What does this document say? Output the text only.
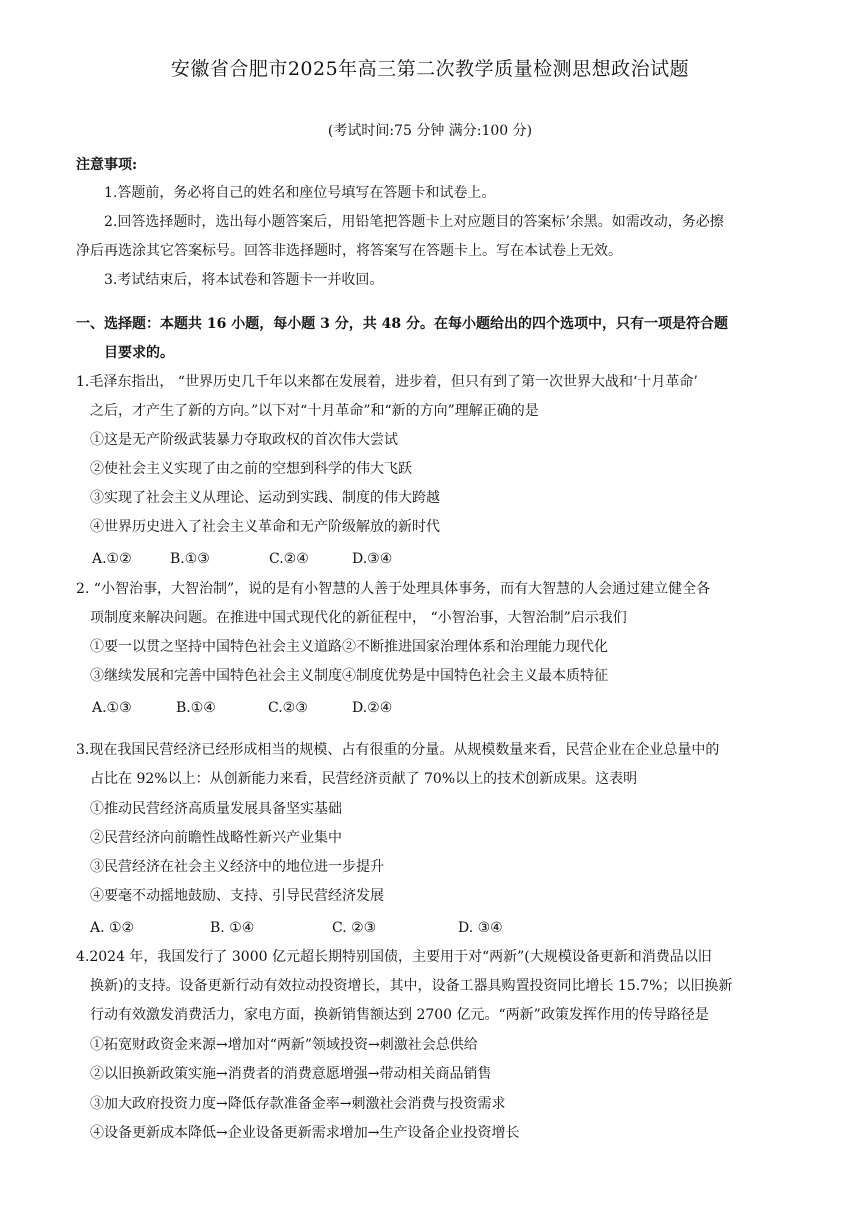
安徽省合肥市2025年高三第二次教学质量检测思想政治试题
(考试时间:75 分钟 满分:100 分)
注意事项:
1.答题前，务必将自己的姓名和座位号填写在答题卡和试卷上。
2.回答选择题时，选出每小题答案后，用铅笔把答题卡上对应题目的答案标’余黑。如需改动，务必擦
净后再选涂其它答案标号。回答非选择题时，将答案写在答题卡上。写在本试卷上无效。
3.考试结束后，将本试卷和答题卡一并收回。
一、选择题：本题共 16 小题，每小题 3 分，共 48 分。在每小题给出的四个选项中，只有一项是符合题
目要求的。
1.毛泽东指出， “世界历史几千年以来都在发展着，进步着，但只有到了第一次世界大战和‘十月革命’
之后，才产生了新的方向。”以下对“十月革命”和“新的方向”理解正确的是
①这是无产阶级武装暴力夺取政权的首次伟大尝试
②使社会主义实现了由之前的空想到科学的伟大飞跃
③实现了社会主义从理论、运动到实践、制度的伟大跨越
④世界历史进入了社会主义革命和无产阶级解放的新时代
A.①②	B.①③	C.②④	D.③④
2. “小智治事，大智治制”，说的是有小智慧的人善于处理具体事务，而有大智慧的人会通过建立健全各
项制度来解决问题。在推进中国式现代化的新征程中， “小智治事，大智治制”启示我们
①要一以贯之坚持中国特色社会主义道路②不断推进国家治理体系和治理能力现代化
③继续发展和完善中国特色社会主义制度④制度优势是中国特色社会主义最本质特征
A.①③	B.①④	C.②③	D.②④
3.现在我国民营经济已经形成相当的规模、占有很重的分量。从规模数量来看，民营企业在企业总量中的
占比在 92%以上：从创新能力来看，民营经济贡献了 70%以上的技术创新成果。这表明
①推动民营经济高质量发展具备坚实基础
②民营经济向前瞻性战略性新兴产业集中
③民营经济在社会主义经济中的地位进一步提升
④要毫不动摇地鼓励、支持、引导民营经济发展
A. ①②	B. ①④	C. ②③	D. ③④
4.2024 年，我国发行了 3000 亿元超长期特别国债，主要用于对“两新”(大规模设备更新和消费品以旧
换新)的支持。设备更新行动有效拉动投资增长，其中，设备工器具购置投资同比增长 15.7%；以旧换新
行动有效激发消费活力，家电方面，换新销售额达到 2700 亿元。“两新”政策发挥作用的传导路径是
①拓宽财政资金来源→增加对“两新”领域投资→刺激社会总供给
②以旧换新政策实施→消费者的消费意愿增强→带动相关商品销售
③加大政府投资力度→降低存款准备金率→刺激社会消费与投资需求
④设备更新成本降低→企业设备更新需求增加→生产设备企业投资增长
